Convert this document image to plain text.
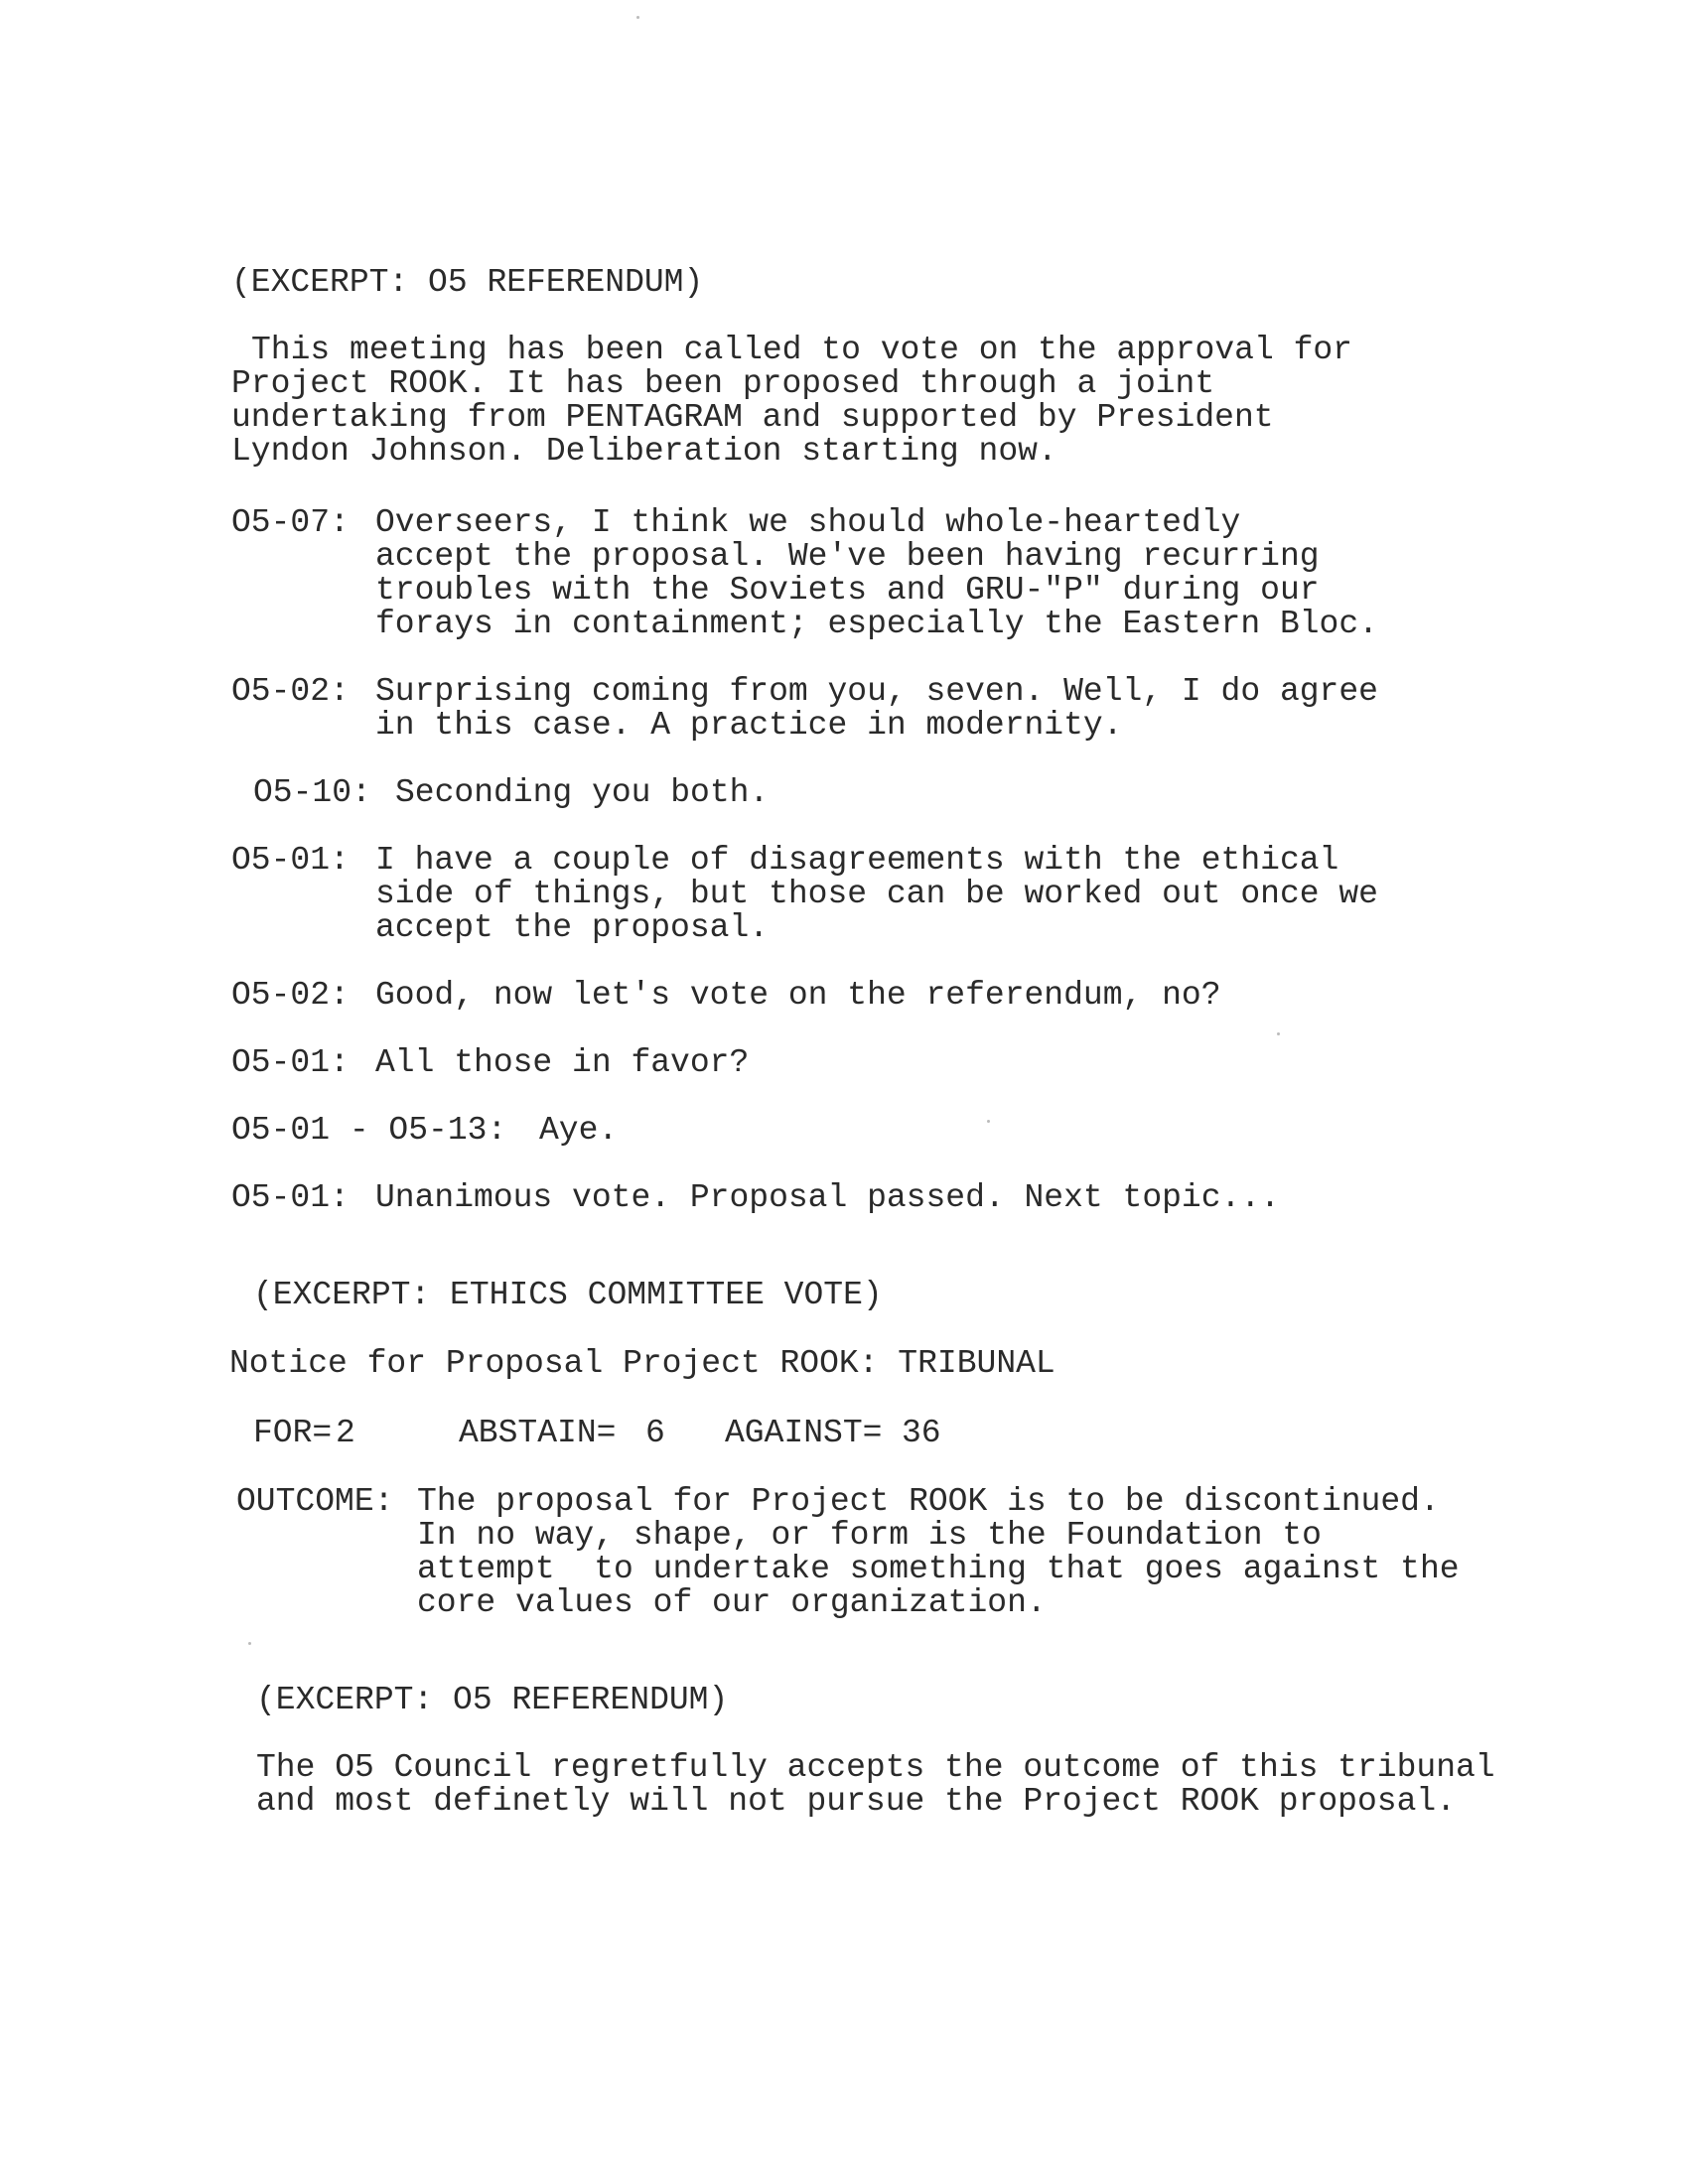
(EXCERPT: O5 REFERENDUM)
This meeting has been called to vote on the approval for
Project ROOK. It has been proposed through a joint
undertaking from PENTAGRAM and supported by President
Lyndon Johnson. Deliberation starting now.
O5-07: Overseers, I think we should whole-heartedly
accept the proposal. We've been having recurring
troubles with the Soviets and GRU-"P" during our
forays in containment; especially the Eastern Bloc.
O5-02: Surprising coming from you, seven. Well, I do agree
in this case. A practice in modernity.
O5-10: Seconding you both.
O5-01: I have a couple of disagreements with the ethical
side of things, but those can be worked out once we
accept the proposal.
O5-02: Good, now let's vote on the referendum, no?
O5-01: All those in favor?
O5-01 - O5-13: Aye.
O5-01: Unanimous vote. Proposal passed. Next topic...
(EXCERPT: ETHICS COMMITTEE VOTE)
Notice for Proposal Project ROOK: TRIBUNAL
FOR= 2	ABSTAIN= 6 AGAINST= 36
OUTCOME: The proposal for Project ROOK is to be discontinued.
In no way, shape, or form is the Foundation to
attempt  to undertake something that goes against the
core values of our organization.
(EXCERPT: O5 REFERENDUM)
The O5 Council regretfully accepts the outcome of this tribunal
and most definetly will not pursue the Project ROOK proposal.
